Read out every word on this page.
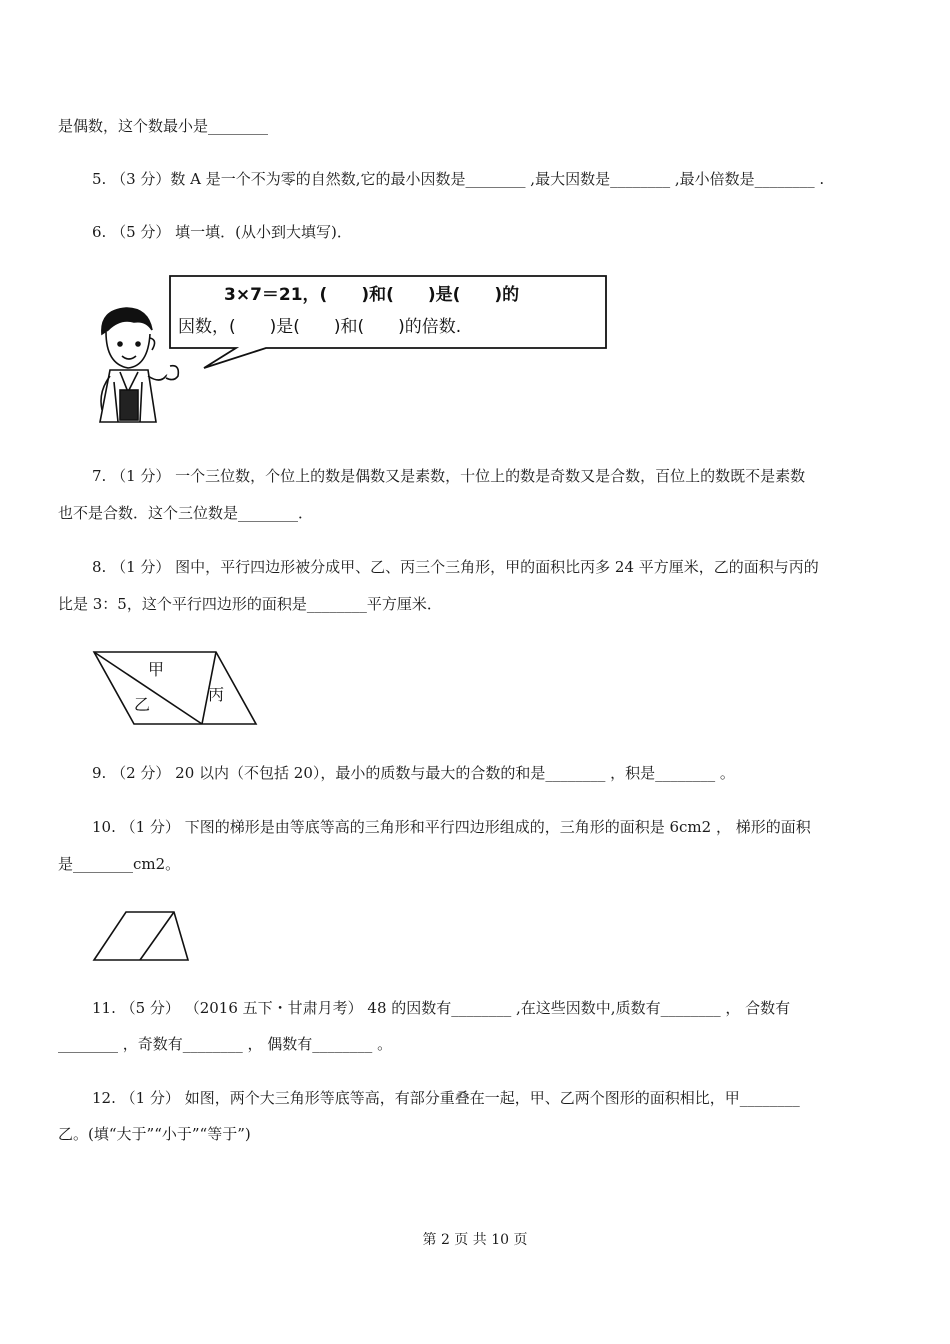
是偶数，这个数最小是________
5. （3 分）数 A 是一个不为零的自然数,它的最小因数是________ ,最大因数是________ ,最小倍数是________ .
6. （5 分） 填一填．(从小到大填写)．
3×7＝21，(　　)和(　　)是(　　)的
因数，(　　)是(　　)和(　　)的倍数.
7. （1 分） 一个三位数，个位上的数是偶数又是素数，十位上的数是奇数又是合数，百位上的数既不是素数
也不是合数．这个三位数是________．
8. （1 分） 图中，平行四边形被分成甲、乙、丙三个三角形，甲的面积比丙多 24 平方厘米，乙的面积与丙的
比是 3：5，这个平行四边形的面积是________平方厘米．
甲
乙
丙
9. （2 分） 20 以内（不包括 20），最小的质数与最大的合数的和是________ ，积是________ 。
10. （1 分） 下图的梯形是由等底等高的三角形和平行四边形组成的，三角形的面积是 6cm2 ， 梯形的面积
是________cm2。
11. （5 分） （2016 五下・甘肃月考） 48 的因数有________ ,在这些因数中,质数有________ ， 合数有
________ ，奇数有________ ， 偶数有________ 。
12. （1 分） 如图，两个大三角形等底等高，有部分重叠在一起，甲、乙两个图形的面积相比，甲________
乙。(填“大于”“小于”“等于”)
第 2 页 共 10 页
